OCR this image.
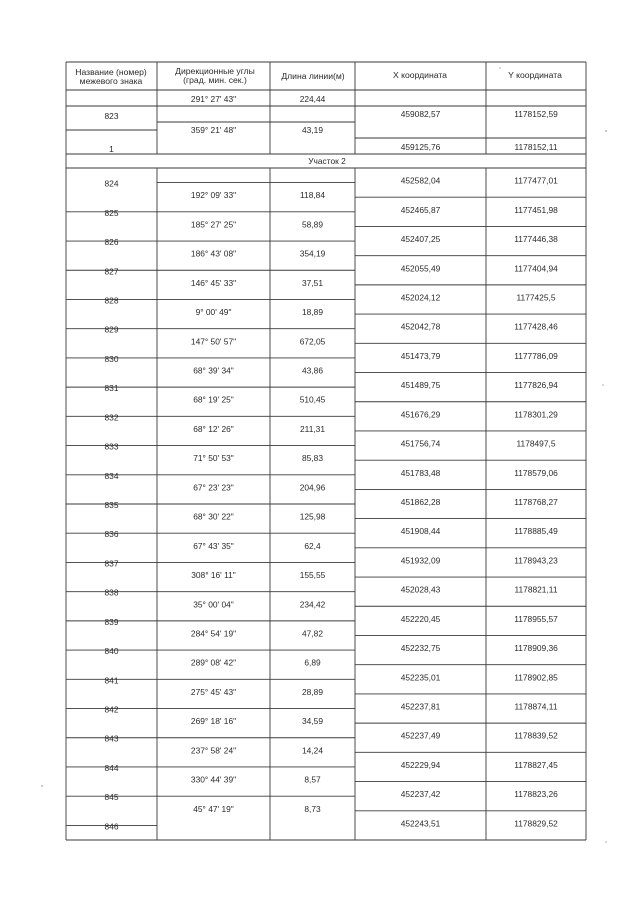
Название (номер)
межевого знака
Дирекционные углы
(град. мин. сек.)	Длина линии(м)	X координата	Y координата
Участок 2
291° 27' 43"	224,44
823	459082,57	1178152,59
359° 21' 48"	43,19
1	459125,76	1178152,11
824	452582,04	1177477,01
192° 09' 33"	118,84
825	452465,87	1177451,98
185° 27' 25"	58,89
826	452407,25	1177446,38
186° 43' 08"	354,19
827	452055,49	1177404,94
146° 45' 33"	37,51
828	452024,12	1177425,5
9° 00' 49"	18,89
829	452042,78	1177428,46
147° 50' 57"	672,05
830	451473,79	1177786,09
68° 39' 34"	43,86
831	451489,75	1177826,94
68° 19' 25"	510,45
832	451676,29	1178301,29
68° 12' 26"	211,31
833	451756,74	1178497,5
71° 50' 53"	85,83
834	451783,48	1178579,06
67° 23' 23"	204,96
835	451862,28	1178768,27
68° 30' 22"	125,98
836	451908,44	1178885,49
67° 43' 35"	62,4
837	451932,09	1178943,23
308° 16' 11"	155,55
838	452028,43	1178821,11
35° 00' 04"	234,42
839	452220,45	1178955,57
284° 54' 19"	47,82
840	452232,75	1178909,36
289° 08' 42"	6,89
841	452235,01	1178902,85
275° 45' 43"	28,89
842	452237,81	1178874,11
269° 18' 16"	34,59
843	452237,49	1178839,52
237° 58' 24"	14,24
844	452229,94	1178827,45
330° 44' 39"	8,57
845	452237,42	1178823,26
45° 47' 19"	8,73
846	452243,51	1178829,52
